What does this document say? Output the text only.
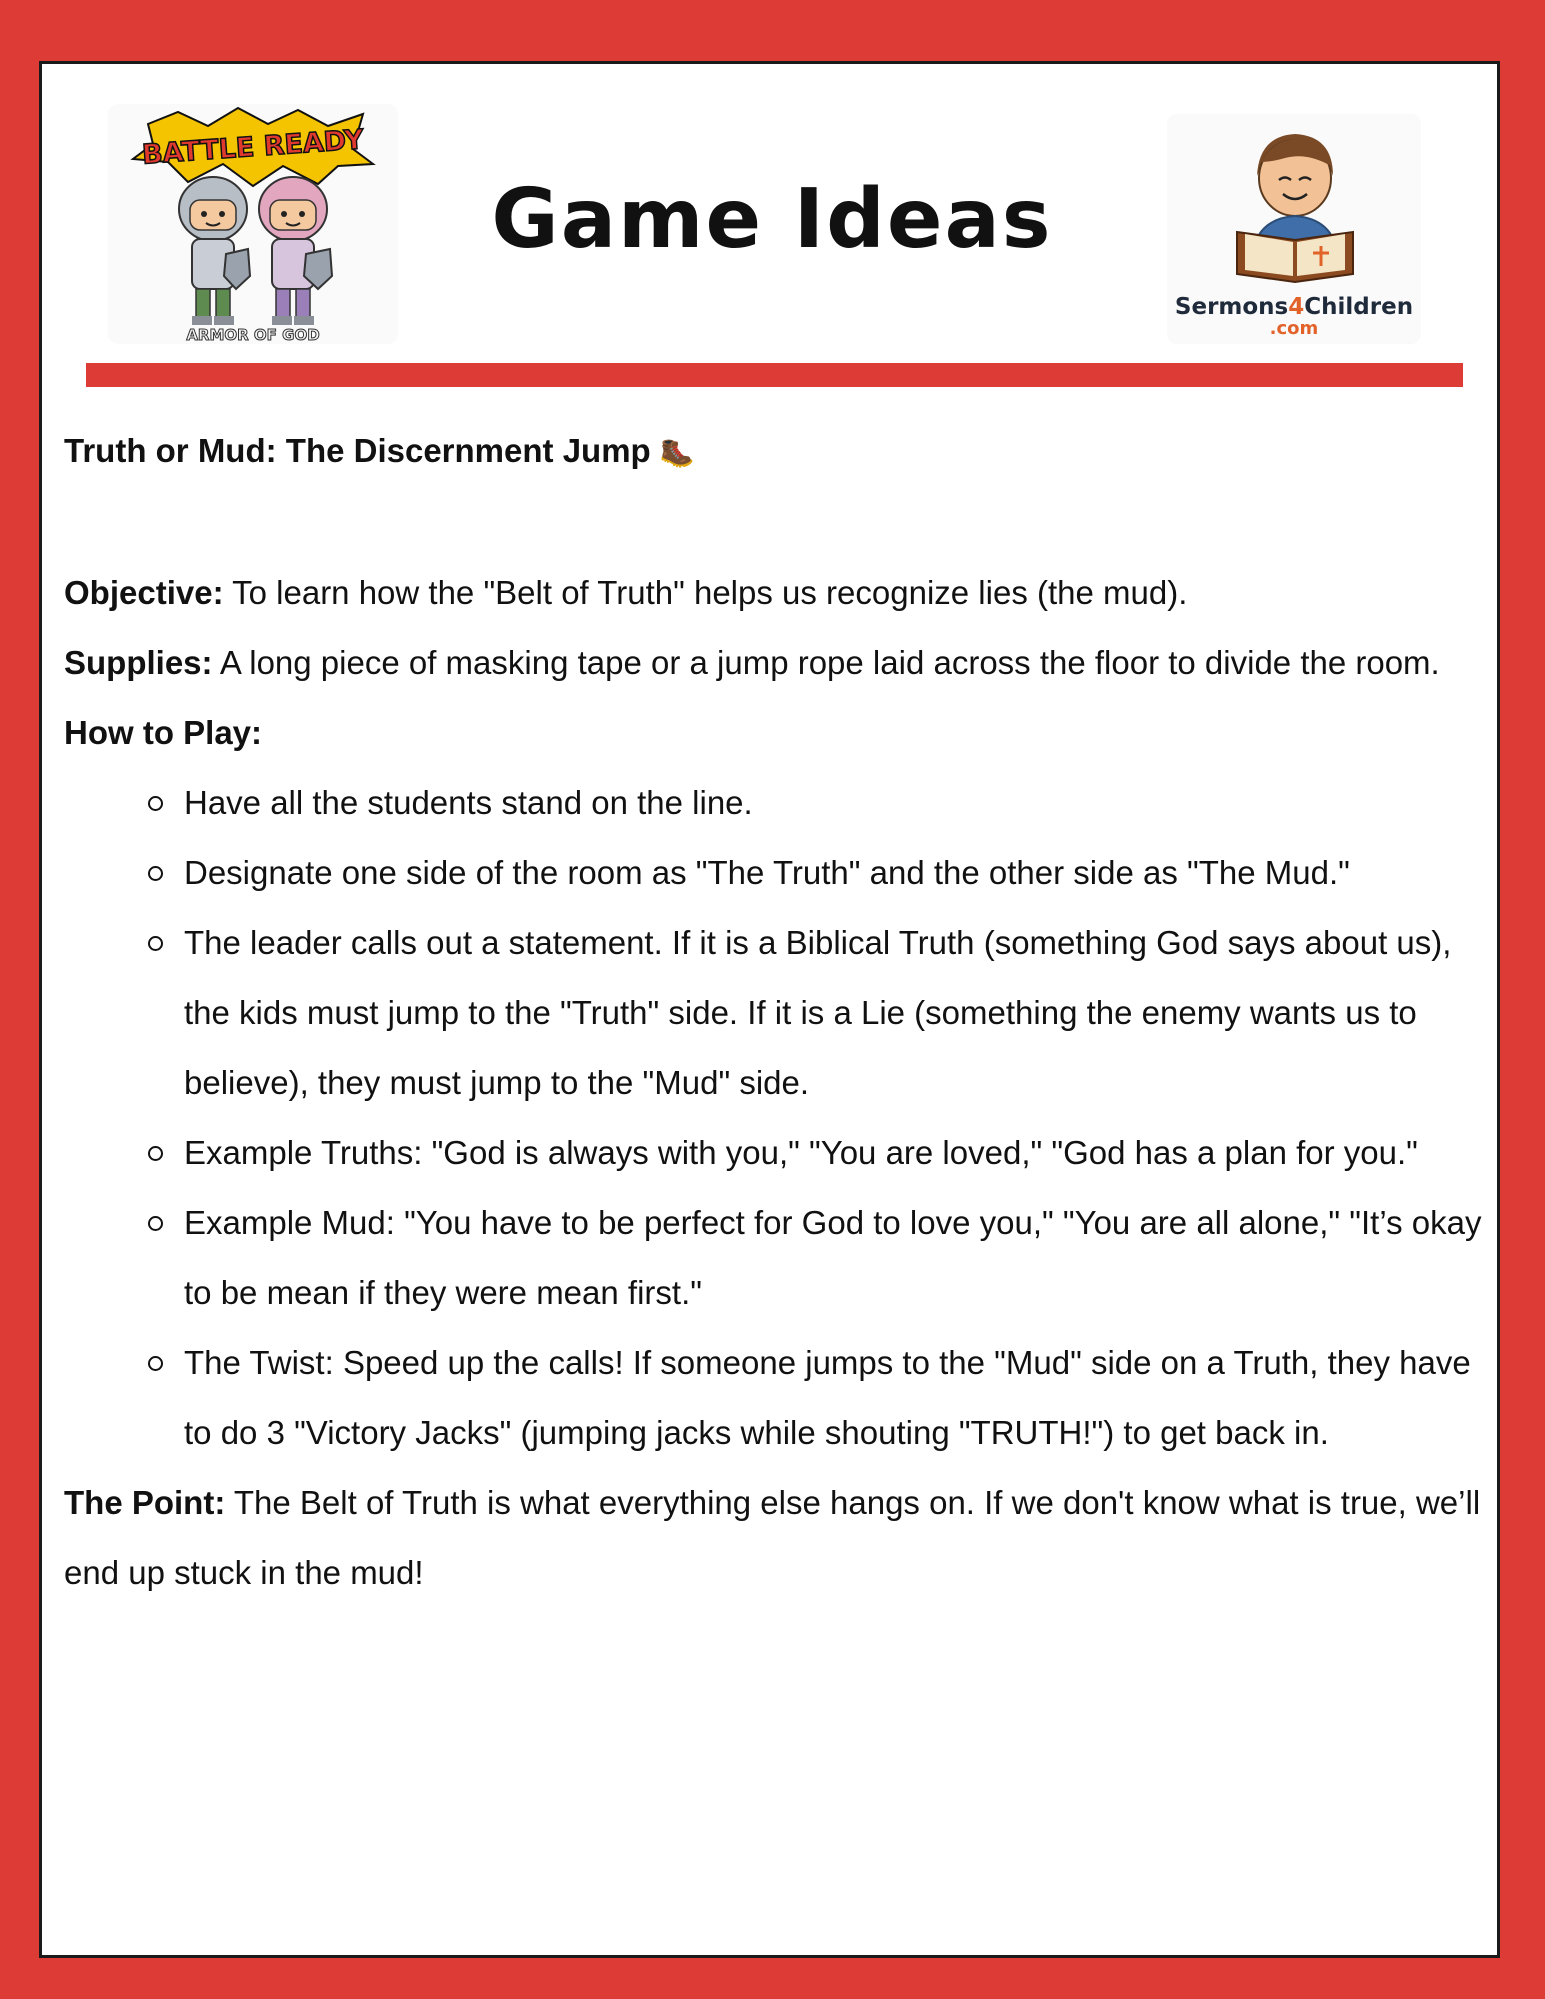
BATTLE READY
ARMOR OF GOD
Game Ideas
Sermons4Children
.com

Truth or Mud: The Discernment Jump 🥾

Objective: To learn how the "Belt of Truth" helps us recognize lies (the mud).

Supplies: A long piece of masking tape or a jump rope laid across the floor to divide the room.

How to Play:

Have all the students stand on the line.
Designate one side of the room as "The Truth" and the other side as "The Mud."
The leader calls out a statement. If it is a Biblical Truth (something God says about us), the kids must jump to the "Truth" side. If it is a Lie (something the enemy wants us to believe), they must jump to the "Mud" side.
Example Truths: "God is always with you," "You are loved," "God has a plan for you."
Example Mud: "You have to be perfect for God to love you," "You are all alone," "It’s okay to be mean if they were mean first."
The Twist: Speed up the calls! If someone jumps to the "Mud" side on a Truth, they have to do 3 "Victory Jacks" (jumping jacks while shouting "TRUTH!") to get back in.

The Point: The Belt of Truth is what everything else hangs on. If we don't know what is true, we’ll end up stuck in the mud!
